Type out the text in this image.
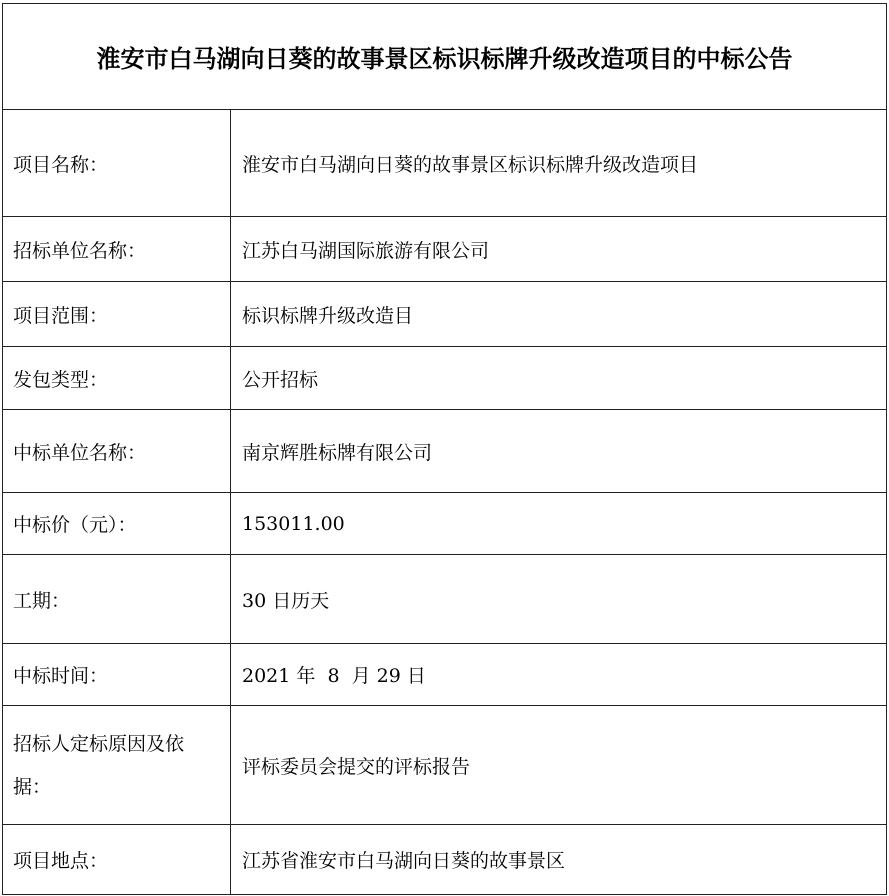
淮安市白马湖向日葵的故事景区标识标牌升级改造项目的中标公告	
项目名称：	淮安市白马湖向日葵的故事景区标识标牌升级改造项目
招标单位名称：	江苏白马湖国际旅游有限公司
项目范围：	标识标牌升级改造目
发包类型：	公开招标
中标单位名称：	南京辉胜标牌有限公司
中标价（元）：	153011.00
工期：	30 日历天
中标时间：	2021 年  8  月 29 日
招标人定标原因及依据：	评标委员会提交的评标报告
项目地点：	江苏省淮安市白马湖向日葵的故事景区
